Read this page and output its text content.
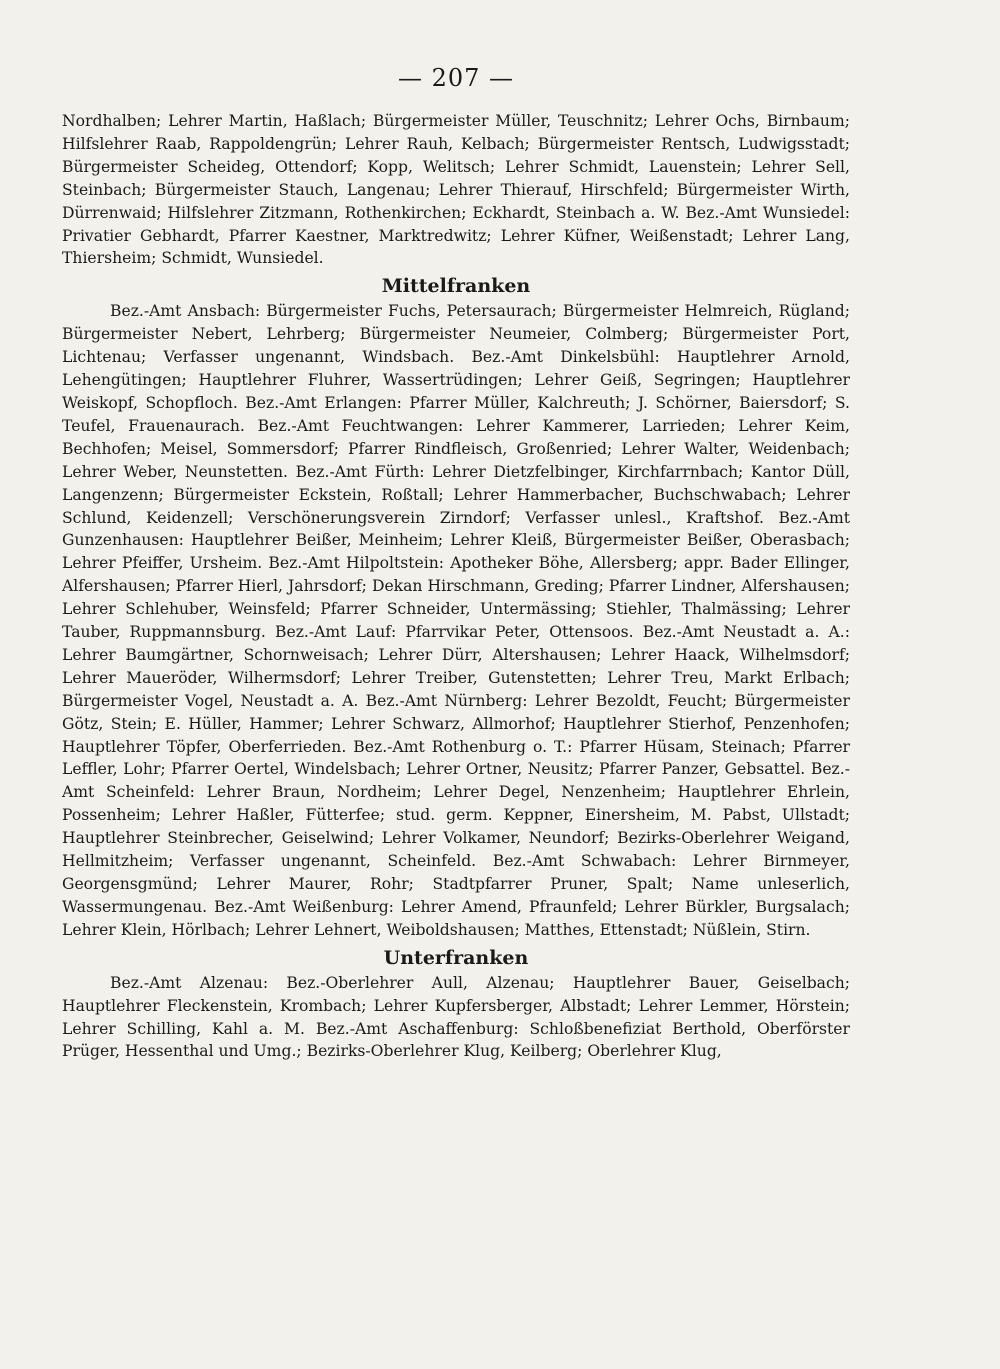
— 207 —

Nordhalben; Lehrer Martin, Haßlach; Bürgermeister Müller, Teuschnitz; Lehrer Ochs, Birnbaum; Hilfslehrer Raab, Rappoldengrün; Lehrer Rauh, Kelbach; Bürgermeister Rentsch, Ludwigsstadt; Bürgermeister Scheideg, Ottendorf; Kopp, Welitsch; Lehrer Schmidt, Lauenstein; Lehrer Sell, Steinbach; Bürgermeister Stauch, Langenau; Lehrer Thierauf, Hirschfeld; Bürgermeister Wirth, Dürrenwaid; Hilfslehrer Zitzmann, Rothenkirchen; Eckhardt, Steinbach a. W. Bez.-Amt Wunsiedel: Privatier Gebhardt, Pfarrer Kaestner, Marktredwitz; Lehrer Küfner, Weißenstadt; Lehrer Lang, Thiersheim; Schmidt, Wunsiedel.

Mittelfranken

Bez.-Amt Ansbach: Bürgermeister Fuchs, Petersaurach; Bürgermeister Helmreich, Rügland; Bürgermeister Nebert, Lehrberg; Bürgermeister Neumeier, Colmberg; Bürgermeister Port, Lichtenau; Verfasser ungenannt, Windsbach. Bez.-Amt Dinkelsbühl: Hauptlehrer Arnold, Lehengütingen; Hauptlehrer Fluhrer, Wassertrüdingen; Lehrer Geiß, Segringen; Hauptlehrer Weiskopf, Schopfloch. Bez.-Amt Erlangen: Pfarrer Müller, Kalchreuth; J. Schörner, Baiersdorf; S. Teufel, Frauenaurach. Bez.-Amt Feuchtwangen: Lehrer Kammerer, Larrieden; Lehrer Keim, Bechhofen; Meisel, Sommersdorf; Pfarrer Rindfleisch, Großenried; Lehrer Walter, Weidenbach; Lehrer Weber, Neunstetten. Bez.-Amt Fürth: Lehrer Dietzfelbinger, Kirchfarrnbach; Kantor Düll, Langenzenn; Bürgermeister Eckstein, Roßtall; Lehrer Hammerbacher, Buchschwabach; Lehrer Schlund, Keidenzell; Verschönerungsverein Zirndorf; Verfasser unlesl., Kraftshof. Bez.-Amt Gunzenhausen: Hauptlehrer Beißer, Meinheim; Lehrer Kleiß, Bürgermeister Beißer, Oberasbach; Lehrer Pfeiffer, Ursheim. Bez.-Amt Hilpoltstein: Apotheker Böhe, Allersberg; appr. Bader Ellinger, Alfershausen; Pfarrer Hierl, Jahrsdorf; Dekan Hirschmann, Greding; Pfarrer Lindner, Alfershausen; Lehrer Schlehuber, Weinsfeld; Pfarrer Schneider, Untermässing; Stiehler, Thalmässing; Lehrer Tauber, Ruppmannsburg. Bez.-Amt Lauf: Pfarrvikar Peter, Ottensoos. Bez.-Amt Neustadt a. A.: Lehrer Baumgärtner, Schornweisach; Lehrer Dürr, Altershausen; Lehrer Haack, Wilhelmsdorf; Lehrer Maueröder, Wilhermsdorf; Lehrer Treiber, Gutenstetten; Lehrer Treu, Markt Erlbach; Bürgermeister Vogel, Neustadt a. A. Bez.-Amt Nürnberg: Lehrer Bezoldt, Feucht; Bürgermeister Götz, Stein; E. Hüller, Hammer; Lehrer Schwarz, Allmorhof; Hauptlehrer Stierhof, Penzenhofen; Hauptlehrer Töpfer, Oberferrieden. Bez.-Amt Rothenburg o. T.: Pfarrer Hüsam, Steinach; Pfarrer Leffler, Lohr; Pfarrer Oertel, Windelsbach; Lehrer Ortner, Neusitz; Pfarrer Panzer, Gebsattel. Bez.-Amt Scheinfeld: Lehrer Braun, Nordheim; Lehrer Degel, Nenzenheim; Hauptlehrer Ehrlein, Possenheim; Lehrer Haßler, Fütterfee; stud. germ. Keppner, Einersheim, M. Pabst, Ullstadt; Hauptlehrer Steinbrecher, Geiselwind; Lehrer Volkamer, Neundorf; Bezirks-Oberlehrer Weigand, Hellmitzheim; Verfasser ungenannt, Scheinfeld. Bez.-Amt Schwabach: Lehrer Birnmeyer, Georgensgmünd; Lehrer Maurer, Rohr; Stadtpfarrer Pruner, Spalt; Name unleserlich, Wassermungenau. Bez.-Amt Weißenburg: Lehrer Amend, Pfraunfeld; Lehrer Bürkler, Burgsalach; Lehrer Klein, Hörlbach; Lehrer Lehnert, Weiboldshausen; Matthes, Ettenstadt; Nüßlein, Stirn.

Unterfranken

Bez.-Amt Alzenau: Bez.-Oberlehrer Aull, Alzenau; Hauptlehrer Bauer, Geiselbach; Hauptlehrer Fleckenstein, Krombach; Lehrer Kupfersberger, Albstadt; Lehrer Lemmer, Hörstein; Lehrer Schilling, Kahl a. M. Bez.-Amt Aschaffenburg: Schloßbenefiziat Berthold, Oberförster Prüger, Hessenthal und Umg.; Bezirks-Oberlehrer Klug, Keilberg; Oberlehrer Klug,
